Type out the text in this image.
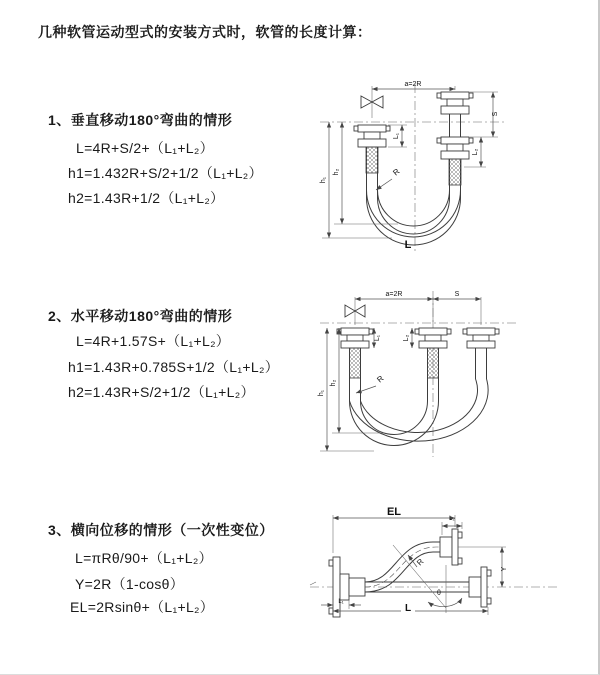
几种软管运动型式的安装方式时，软管的长度计算：
1、垂直移动180°弯曲的情形
L=4R+S/2+（L₁+L₂）
h1=1.432R+S/2+1/2（L₁+L₂）
h2=1.43R+1/2（L₁+L₂）
a=2R
h₁
h₂
S
L₂
L₁
R
L
2、水平移动180°弯曲的情形
L=4R+1.57S+（L₁+L₂）
h1=1.43R+0.785S+1/2（L₁+L₂）
h2=1.43R+S/2+1/2（L₁+L₂）
a=2R	S
h₁
h₂
L₁	L₂
R
3、横向位移的情形（一次性变位）
L=πRθ/90+（L₁+L₂）
Y=2R（1-cosθ）
EL=2Rsinθ+（L₁+L₂）
EL
L₂
Y
R
θ
L₁
L
